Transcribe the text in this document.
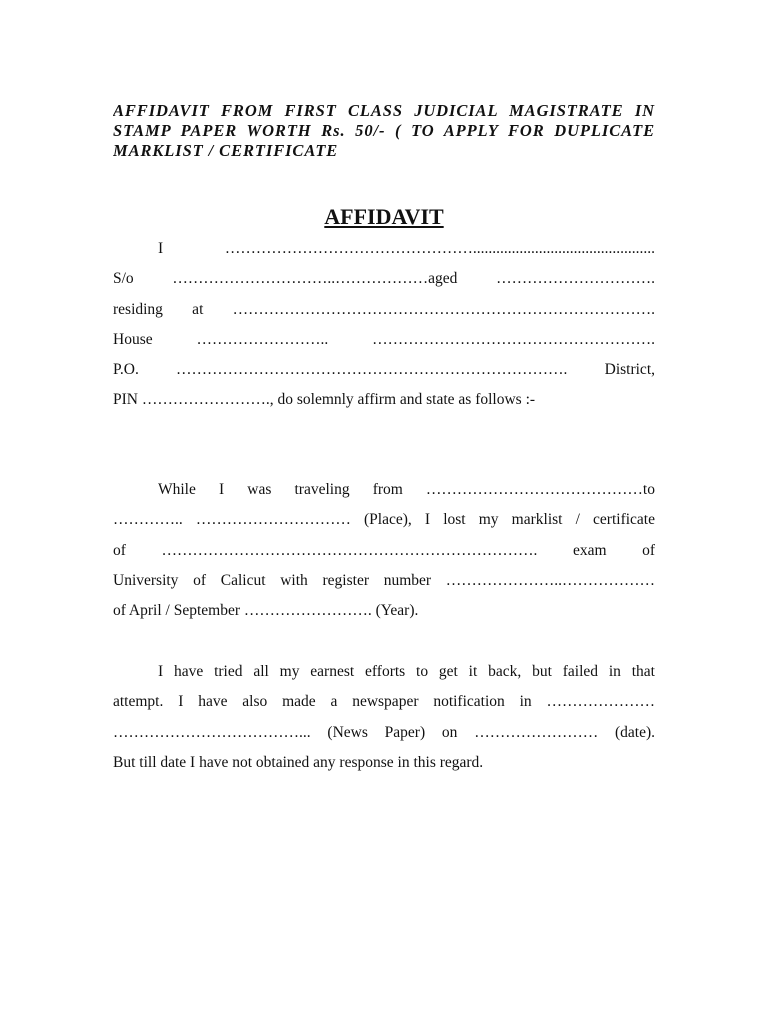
AFFIDAVIT FROM FIRST CLASS JUDICIAL MAGISTRATE IN
STAMP PAPER WORTH Rs. 50/- ( TO APPLY FOR DUPLICATE
MARKLIST / CERTIFICATE
AFFIDAVIT
I …………………………………………...............................................
S/o …………………………..………………aged ………………………….
residing at ……………………………………………………………………….
House …………………….. ……………………………………………….
P.O. …………………………………………………………………. District,
PIN ……………………., do solemnly affirm and state as follows :-
While I was traveling from ……………………………………to
………….. ………………………… (Place), I lost my marklist / certificate
of ………………………………………………………………. exam of
University of Calicut with register number …………………..………………
of April / September ……………………. (Year).
I have tried all my earnest efforts to get it back, but failed in that
attempt. I have also made a newspaper notification in …………………
………………………………... (News Paper) on …………………… (date).
But till date I have not obtained any response in this regard.
